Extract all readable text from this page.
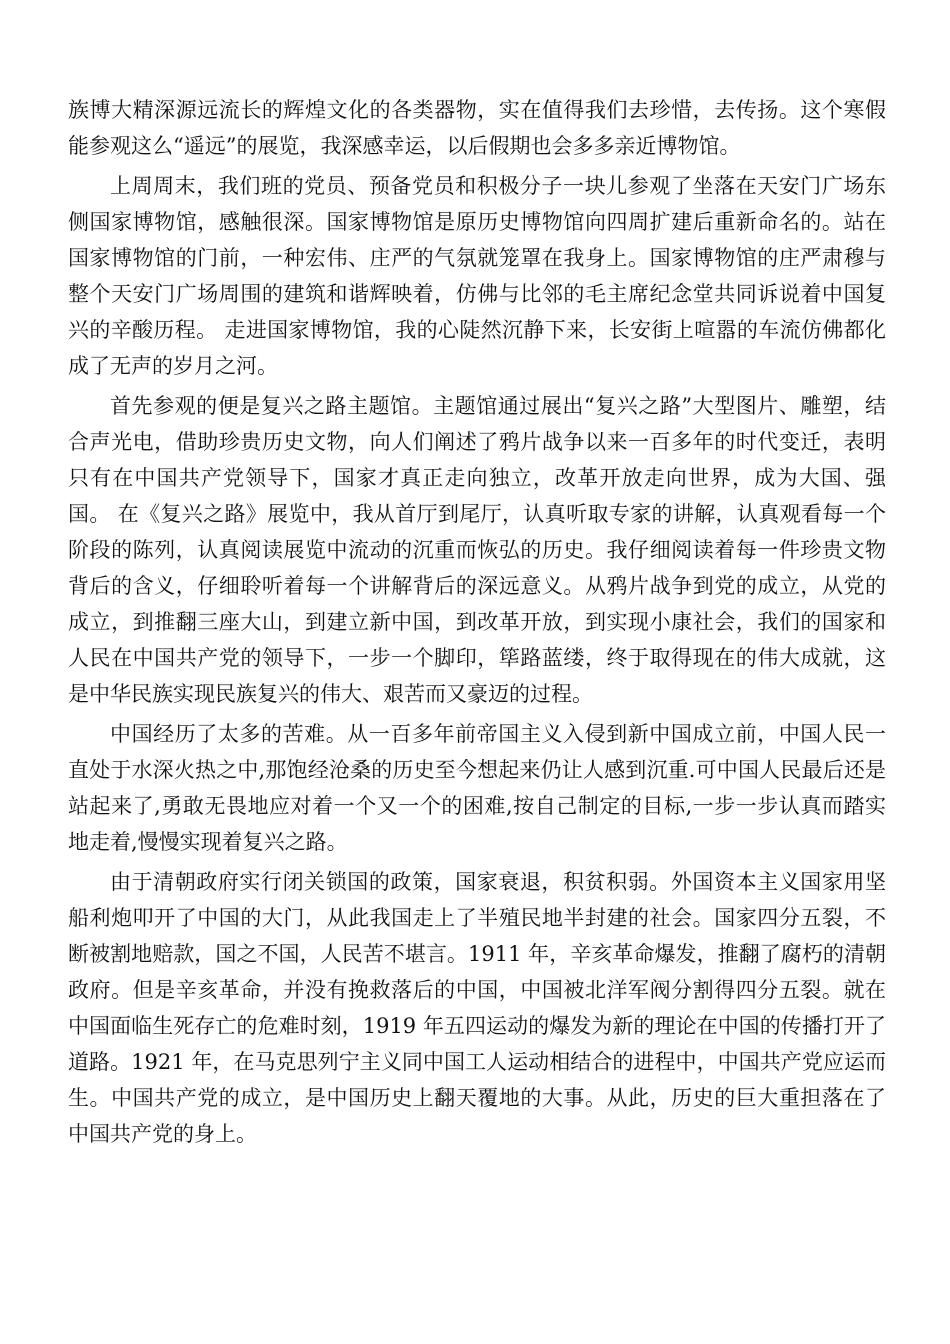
族博大精深源远流长的辉煌文化的各类器物，实在值得我们去珍惜，去传扬。这个寒假能参观这么“遥远”的展览，我深感幸运，以后假期也会多多亲近博物馆。

上周周末，我们班的党员、预备党员和积极分子一块儿参观了坐落在天安门广场东侧国家博物馆，感触很深。国家博物馆是原历史博物馆向四周扩建后重新命名的。站在国家博物馆的门前，一种宏伟、庄严的气氛就笼罩在我身上。国家博物馆的庄严肃穆与整个天安门广场周围的建筑和谐辉映着，仿佛与比邻的毛主席纪念堂共同诉说着中国复兴的辛酸历程。 走进国家博物馆，我的心陡然沉静下来，长安街上喧嚣的车流仿佛都化成了无声的岁月之河。

首先参观的便是复兴之路主题馆。主题馆通过展出“复兴之路”大型图片、雕塑，结合声光电，借助珍贵历史文物，向人们阐述了鸦片战争以来一百多年的时代变迁，表明只有在中国共产党领导下，国家才真正走向独立，改革开放走向世界，成为大国、强国。 在《复兴之路》展览中，我从首厅到尾厅，认真听取专家的讲解，认真观看每一个阶段的陈列，认真阅读展览中流动的沉重而恢弘的历史。我仔细阅读着每一件珍贵文物背后的含义，仔细聆听着每一个讲解背后的深远意义。从鸦片战争到党的成立，从党的成立，到推翻三座大山，到建立新中国，到改革开放，到实现小康社会，我们的国家和人民在中国共产党的领导下，一步一个脚印，筚路蓝缕，终于取得现在的伟大成就，这是中华民族实现民族复兴的伟大、艰苦而又豪迈的过程。

中国经历了太多的苦难。从一百多年前帝国主义入侵到新中国成立前，中国人民一直处于水深火热之中,那饱经沧桑的历史至今想起来仍让人感到沉重.可中国人民最后还是站起来了,勇敢无畏地应对着一个又一个的困难,按自己制定的目标,一步一步认真而踏实地走着,慢慢实现着复兴之路。

由于清朝政府实行闭关锁国的政策，国家衰退，积贫积弱。外国资本主义国家用坚船利炮叩开了中国的大门，从此我国走上了半殖民地半封建的社会。国家四分五裂，不断被割地赔款，国之不国，人民苦不堪言。1911 年，辛亥革命爆发，推翻了腐朽的清朝政府。但是辛亥革命，并没有挽救落后的中国，中国被北洋军阀分割得四分五裂。就在中国面临生死存亡的危难时刻，1919 年五四运动的爆发为新的理论在中国的传播打开了道路。1921 年，在马克思列宁主义同中国工人运动相结合的进程中，中国共产党应运而生。中国共产党的成立，是中国历史上翻天覆地的大事。从此，历史的巨大重担落在了中国共产党的身上。
